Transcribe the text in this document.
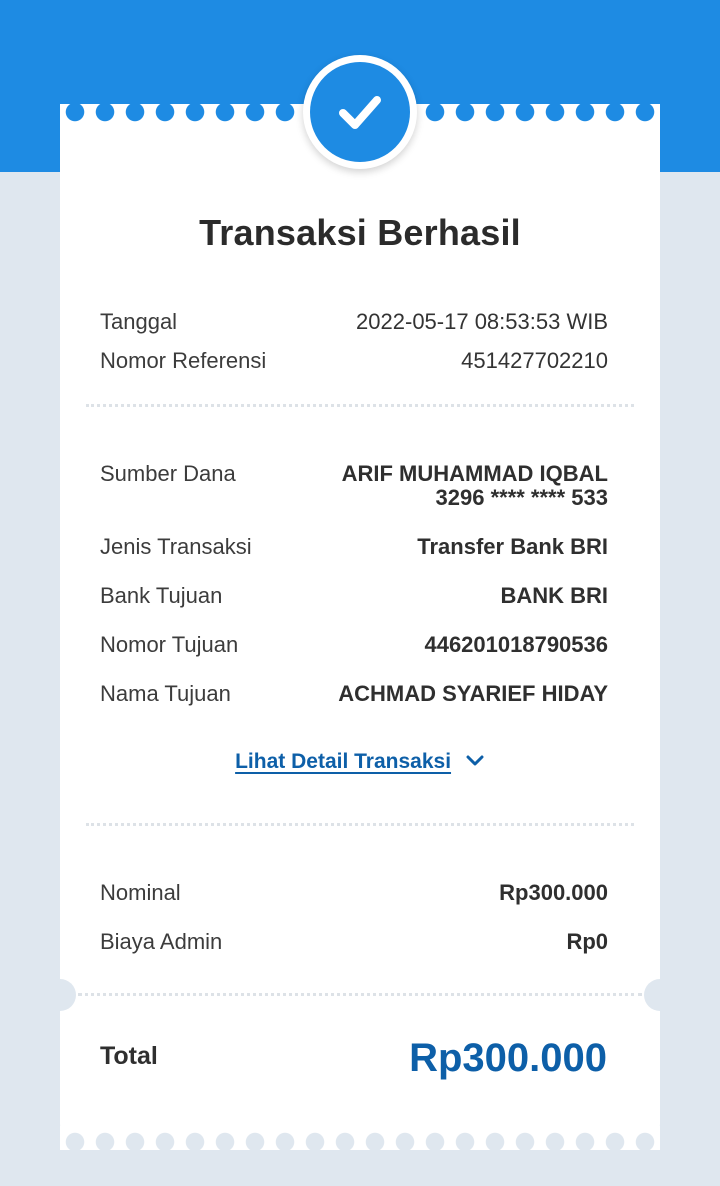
Transaksi Berhasil
Tanggal	2022-05-17 08:53:53 WIB
Nomor Referensi	451427702210
Sumber Dana	ARIF MUHAMMAD IQBAL
3296 **** **** 533
Jenis Transaksi	Transfer Bank BRI
Bank Tujuan	BANK BRI
Nomor Tujuan	446201018790536
Nama Tujuan	ACHMAD SYARIEF HIDAY
Lihat Detail Transaksi
Nominal	Rp300.000
Biaya Admin	Rp0
Total	Rp300.000
